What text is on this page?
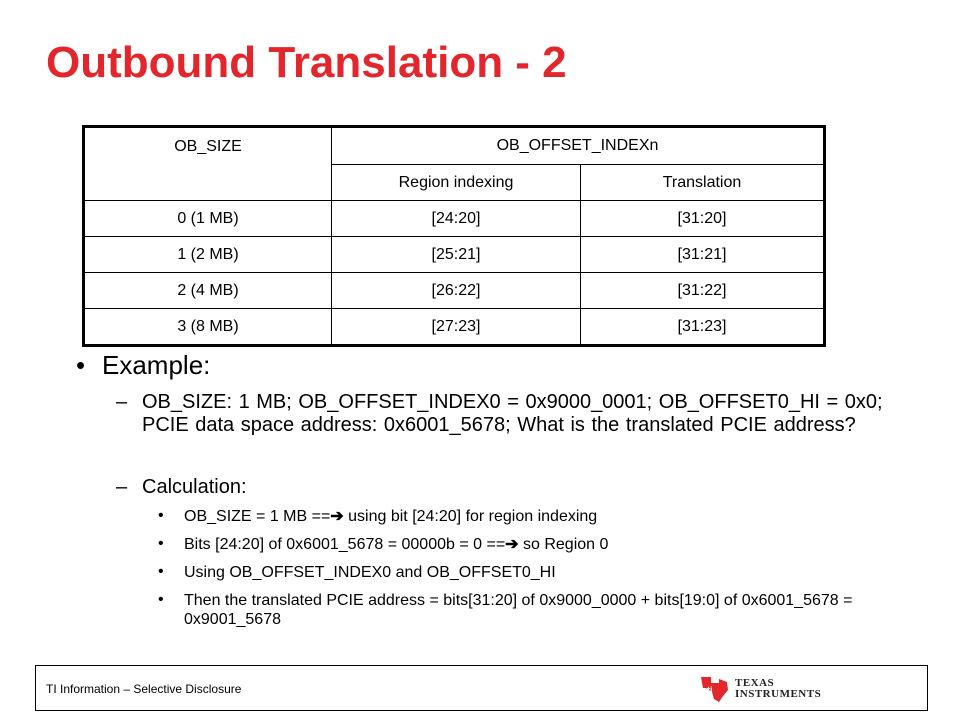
Outbound Translation - 2
OB_SIZE	OB_OFFSET_INDEXn	
	Region indexing	Translation
0 (1 MB)	[24:20]	[31:20]
1 (2 MB)	[25:21]	[31:21]
2 (4 MB)	[26:22]	[31:22]
3 (8 MB)	[27:23]	[31:23]
• Example:
– OB_SIZE: 1 MB; OB_OFFSET_INDEX0 = 0x9000_0001; OB_OFFSET0_HI = 0x0; PCIE data space address: 0x6001_5678; What is the translated PCIE address?
– Calculation:
• OB_SIZE = 1 MB ==➔ using bit [24:20] for region indexing
• Bits [24:20] of 0x6001_5678 = 00000b = 0 ==➔ so Region 0
• Using OB_OFFSET_INDEX0 and OB_OFFSET0_HI
• Then the translated PCIE address = bits[31:20] of 0x9000_0000 + bits[19:0] of 0x6001_5678 = 0x9001_5678
TI Information – Selective Disclosure	ti
TEXAS
INSTRUMENTS
